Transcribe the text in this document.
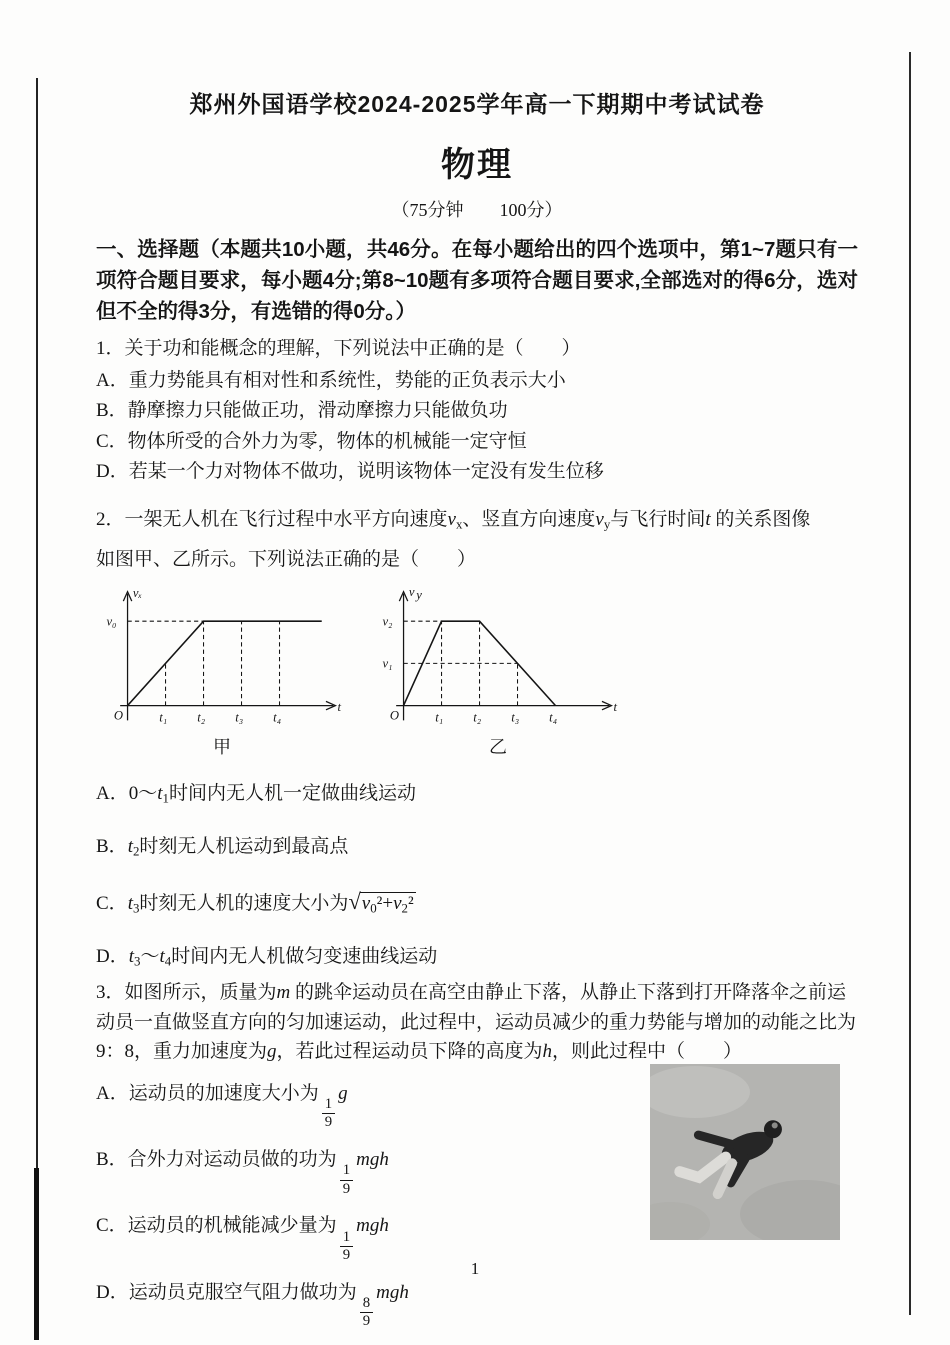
郑州外国语学校2024-2025学年高一下期期中考试试卷
物理
（75分钟　　100分）

一、选择题（本题共10小题，共46分。在每小题给出的四个选项中，第1~7题只有一项符合题目要求，每小题4分;第8~10题有多项符合题目要求,全部选对的得6分，选对但不全的得3分，有选错的得0分。）

1．关于功和能概念的理解，下列说法中正确的是（　　）

A．重力势能具有相对性和系统性，势能的正负表示大小

B．静摩擦力只能做正功，滑动摩擦力只能做负功

C．物体所受的合外力为零，物体的机械能一定守恒

D．若某一个力对物体不做功，说明该物体一定没有发生位移

2．一架无人机在飞行过程中水平方向速度$v_x$、竖直方向速度$v_y$与飞行时间t 的关系图像

如图甲、乙所示。下列说法正确的是（　　）

vₓ
v₀
O	t₁	t₂	t₃	t₄
t
甲
v y
v₂
v₁
O	t₁	t₂	t₃	t₄
t
乙

A．$0\sim t_1$时间内无人机一定做曲线运动

B．$t_2$时刻无人机运动到最高点

C．$t_3$时刻无人机的速度大小为$√v_0^2+v_2^2$

D．$t_3\sim t_4$时间内无人机做匀变速曲线运动

3．如图所示，质量为m 的跳伞运动员在高空由静止下落，从静止下落到打开降落伞之前运动员一直做竖直方向的匀加速运动，此过程中，运动员减少的重力势能与增加的动能之比为9：8，重力加速度为g，若此过程运动员下降的高度为h，则此过程中（　　）

A．运动员的加速度大小为
$\frac{1}{9}$
g

B．合外力对运动员做的功为
$\frac{1}{9}$
mgh

C．运动员的机械能减少量为
$\frac{1}{9}$
mgh

D．运动员克服空气阻力做功为
$\frac{8}{9}$
mgh

1
